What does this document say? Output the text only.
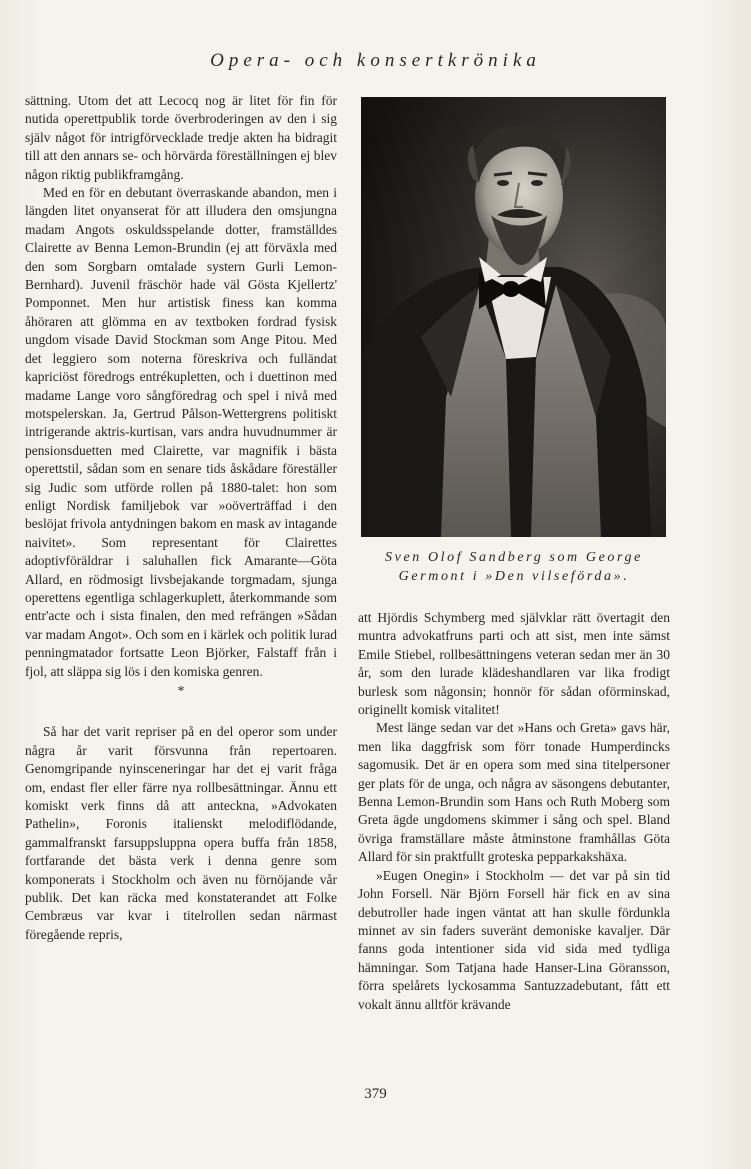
Opera- och konsertkrönika

sättning. Utom det att Lecocq nog är litet för fin för nutida operettpublik torde överbroderingen av den i sig själv något för intrigförvecklade tredje akten ha bidragit till att den annars se- och hörvärda föreställningen ej blev någon riktig publikframgång.

Med en för en debutant överraskande abandon, men i längden litet onyanserat för att illudera den omsjungna madam Angots oskuldsspelande dotter, framställdes Clairette av Benna Lemon-Brundin (ej att förväxla med den som Sorgbarn omtalade systern Gurli Lemon-Bernhard). Juvenil fräschör hade väl Gösta Kjellertz' Pomponnet. Men hur artistisk finess kan komma åhöraren att glömma en av textboken fordrad fysisk ungdom visade David Stockman som Ange Pitou. Med det leggiero som noterna föreskriva och fulländat kapriciöst föredrogs entrékupletten, och i duettinon med madame Lange voro sångföredrag och spel i nivå med motspelerskan. Ja, Gertrud Pålson-Wettergrens politiskt intrigerande aktris-kurtisan, vars andra huvudnummer är pensionsduetten med Clairette, var magnifik i bästa operettstil, sådan som en senare tids åskådare föreställer sig Judic som utförde rollen på 1880-talet: hon som enligt Nordisk familjebok var »oöverträffad i den beslöjat frivola antydningen bakom en mask av intagande naivitet». Som representant för Clairettes adoptivföräldrar i saluhallen fick Amarante—Göta Allard, en rödmosigt livsbejakande torgmadam, sjunga operettens egentliga schlagerkuplett, återkommande som entr'acte och i sista finalen, den med refrängen »Sådan var madam Angot». Och som en i kärlek och politik lurad penningmatador fortsatte Leon Björker, Falstaff från i fjol, att släppa sig lös i den komiska genren.

*

Så har det varit repriser på en del operor som under några år varit försvunna från repertoaren. Genomgripande nyinsceneringar har det ej varit fråga om, endast fler eller färre nya rollbesättningar. Ännu ett komiskt verk finns då att anteckna, »Advokaten Pathelin», Foronis italienskt melodiflödande, gammalfranskt farsuppsluppna opera buffa från 1858, fortfarande det bästa verk i denna genre som komponerats i Stockholm och även nu förnöjande vår publik. Det kan räcka med konstaterandet att Folke Cembræus var kvar i titelrollen sedan närmast föregående repris,

Sven Olof Sandberg som George Germont i »Den vilseförda».

att Hjördis Schymberg med självklar rätt övertagit den muntra advokatfruns parti och att sist, men inte sämst Emile Stiebel, rollbesättningens veteran sedan mer än 30 år, som den lurade klädeshandlaren var lika frodigt burlesk som någonsin; honnör för sådan oförminskad, originellt komisk vitalitet!

Mest länge sedan var det »Hans och Greta» gavs här, men lika daggfrisk som förr tonade Humperdincks sagomusik. Det är en opera som med sina titelpersoner ger plats för de unga, och några av säsongens debutanter, Benna Lemon-Brundin som Hans och Ruth Moberg som Greta ägde ungdomens skimmer i sång och spel. Bland övriga framställare måste åtminstone framhållas Göta Allard för sin praktfullt groteska pepparkakshäxa.

»Eugen Onegin» i Stockholm — det var på sin tid John Forsell. När Björn Forsell här fick en av sina debutroller hade ingen väntat att han skulle fördunkla minnet av sin faders suveränt demoniske kavaljer. Där fanns goda intentioner sida vid sida med tydliga hämningar. Som Tatjana hade Hanser-Lina Göransson, förra spelårets lyckosamma Santuzzadebutant, fått ett vokalt ännu alltför krävande

379
